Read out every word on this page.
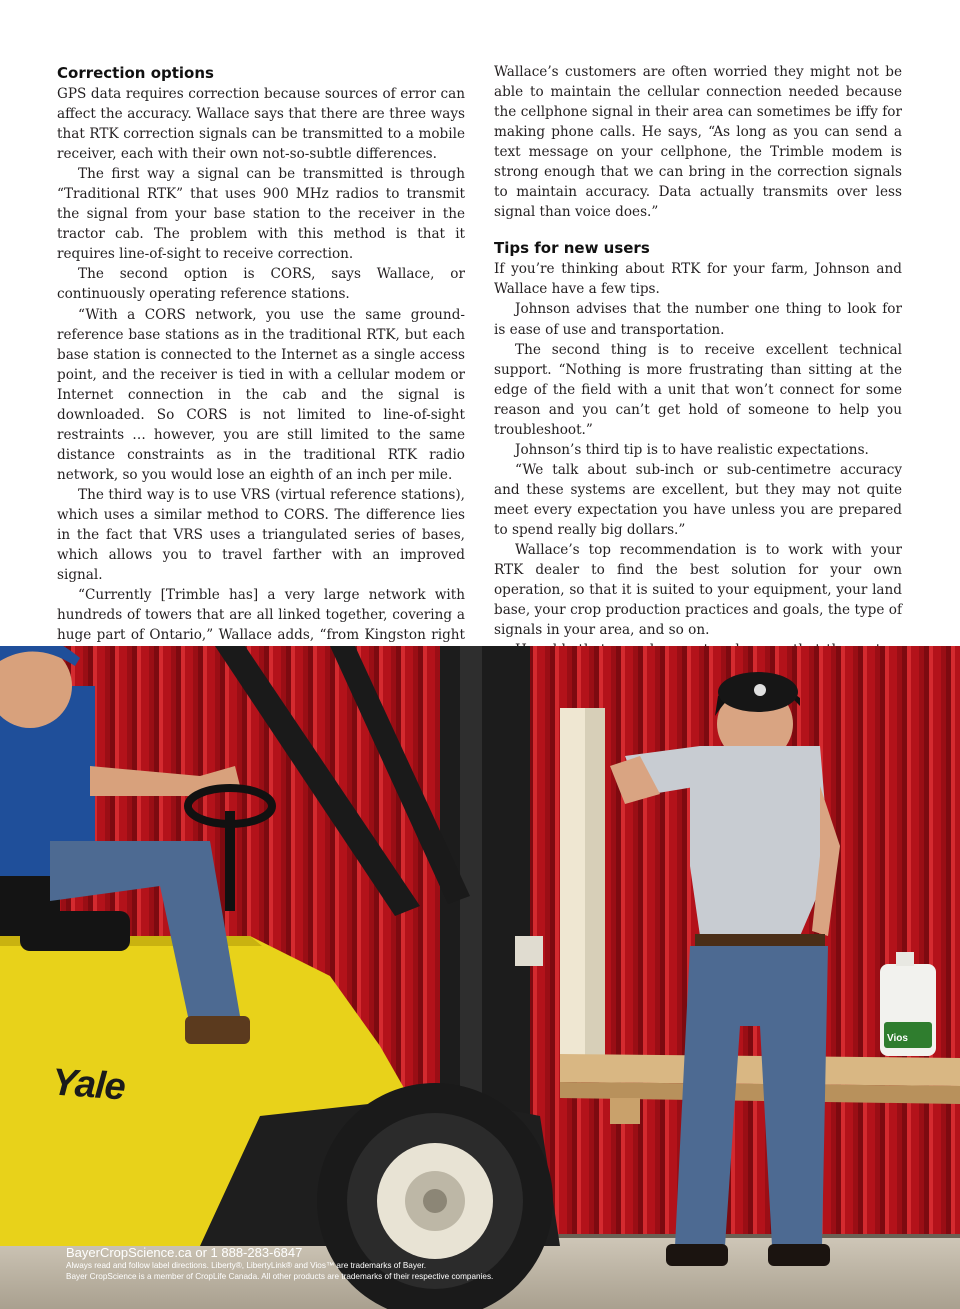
Correction options

GPS data requires correction because sources of error can affect the accuracy. Wallace says that there are three ways that RTK correction signals can be transmitted to a mobile receiver, each with their own not-so-subtle differences.

The first way a signal can be transmitted is through “Traditional RTK” that uses 900 MHz radios to transmit the signal from your base station to the receiver in the tractor cab. The problem with this method is that it requires line-of-sight to receive correction.

The second option is CORS, says Wallace, or continuously operating reference stations.

“With a CORS network, you use the same ground-reference base stations as in the traditional RTK, but each base station is connected to the Internet as a single access point, and the receiver is tied in with a cellular modem or Internet connection in the cab and the signal is downloaded. So CORS is not limited to line-of-sight restraints … however, you are still limited to the same distance constraints as in the traditional RTK radio network, so you would lose an eighth of an inch per mile.

The third way is to use VRS (virtual reference stations), which uses a similar method to CORS. The difference lies in the fact that VRS uses a triangulated series of bases, which allows you to travel farther with an improved signal.

“Currently [Trimble has] a very large network with hundreds of towers that are all linked together, covering a huge part of Ontario,” Wallace adds, “from Kingston right

Wallace’s customers are often worried they might not be able to maintain the cellular connection needed because the cellphone signal in their area can sometimes be iffy for making phone calls. He says, “As long as you can send a text message on your cellphone, the Trimble modem is strong enough that we can bring in the correction signals to maintain accuracy. Data actually transmits over less signal than voice does.”

Tips for new users

If you’re thinking about RTK for your farm, Johnson and Wallace have a few tips.

Johnson advises that the number one thing to look for is ease of use and transportation.

The second thing is to receive excellent technical support. “Nothing is more frustrating than sitting at the edge of the field with a unit that won’t connect for some reason and you can’t get hold of someone to help you troubleshoot.”

Johnson’s third tip is to have realistic expectations.

“We talk about sub-inch or sub-centimetre accuracy and these systems are excellent, but they may not quite meet every expectation you have unless you are prepared to spend really big dollars.”

Wallace’s top recommendation is to work with your RTK dealer to find the best solution for your own operation, so that it is suited to your equipment, your land base, your crop production practices and goals, the type of signals in your area, and so on.

Yale
Vios
BayerCropScience.ca or 1 888-283-6847
Always read and follow label directions. Liberty®, LibertyLink® and Vios™ are trademarks of Bayer.
Bayer CropScience is a member of CropLife Canada. All other products are trademarks of their respective companies.
